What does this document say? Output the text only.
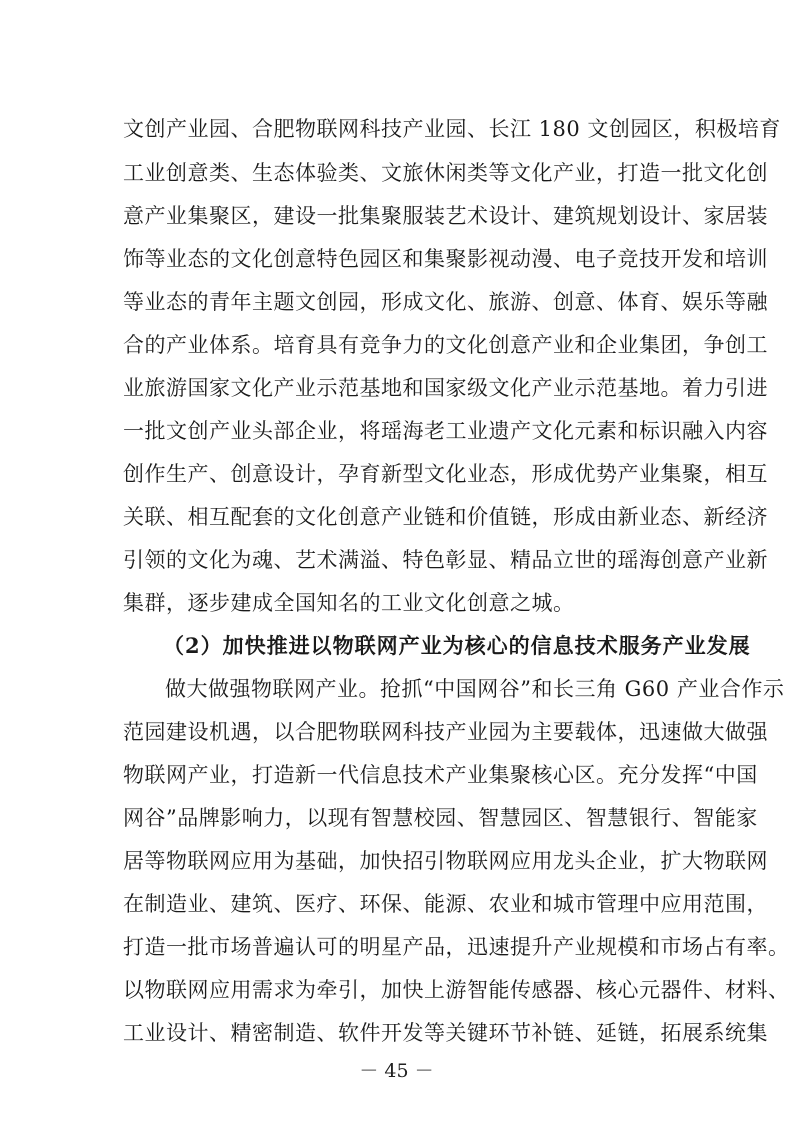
文创产业园、合肥物联网科技产业园、长江 180 文创园区，积极培育
工业创意类、生态体验类、文旅休闲类等文化产业，打造一批文化创
意产业集聚区，建设一批集聚服装艺术设计、建筑规划设计、家居装
饰等业态的文化创意特色园区和集聚影视动漫、电子竞技开发和培训
等业态的青年主题文创园，形成文化、旅游、创意、体育、娱乐等融
合的产业体系。培育具有竞争力的文化创意产业和企业集团，争创工
业旅游国家文化产业示范基地和国家级文化产业示范基地。着力引进
一批文创产业头部企业，将瑶海老工业遗产文化元素和标识融入内容
创作生产、创意设计，孕育新型文化业态，形成优势产业集聚，相互
关联、相互配套的文化创意产业链和价值链，形成由新业态、新经济
引领的文化为魂、艺术满溢、特色彰显、精品立世的瑶海创意产业新
集群，逐步建成全国知名的工业文化创意之城。
（2）加快推进以物联网产业为核心的信息技术服务产业发展
做大做强物联网产业。抢抓“中国网谷”和长三角 G60 产业合作示
范园建设机遇，以合肥物联网科技产业园为主要载体，迅速做大做强
物联网产业，打造新一代信息技术产业集聚核心区。充分发挥“中国
网谷”品牌影响力，以现有智慧校园、智慧园区、智慧银行、智能家
居等物联网应用为基础，加快招引物联网应用龙头企业，扩大物联网
在制造业、建筑、医疗、环保、能源、农业和城市管理中应用范围，
打造一批市场普遍认可的明星产品，迅速提升产业规模和市场占有率。
以物联网应用需求为牵引，加快上游智能传感器、核心元器件、材料、
工业设计、精密制造、软件开发等关键环节补链、延链，拓展系统集
－ 45 －
